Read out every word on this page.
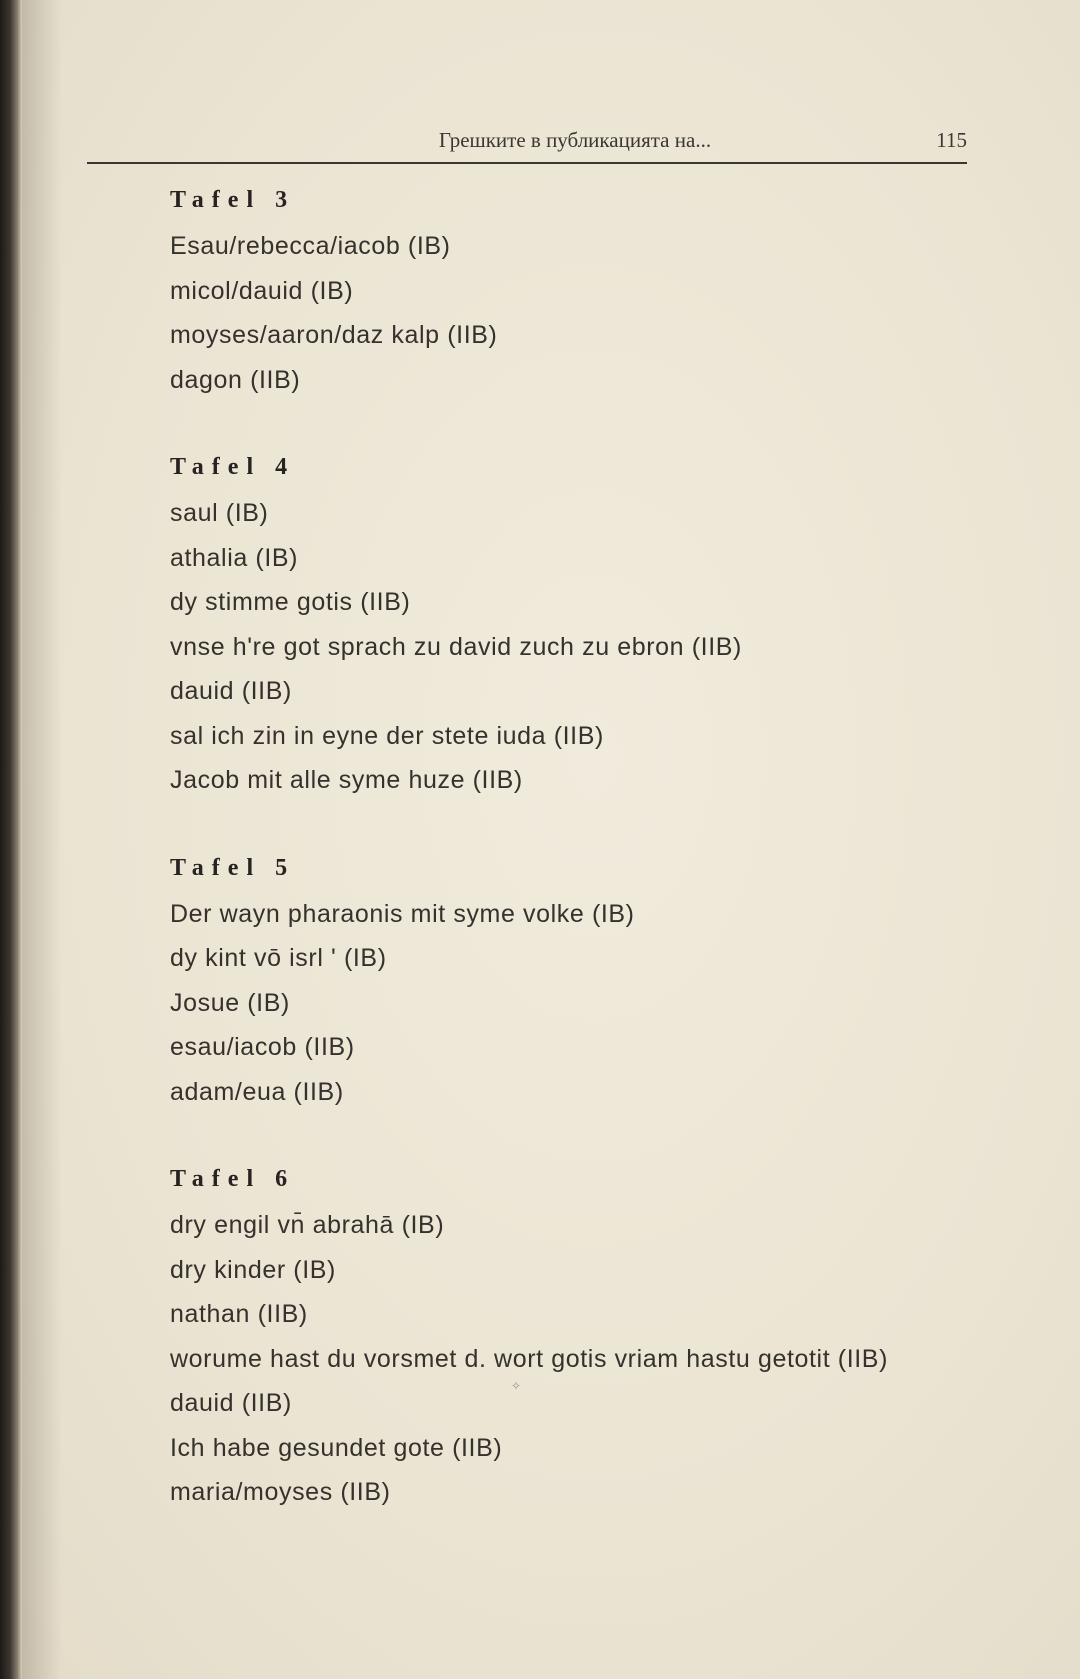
Грешките в публикацията на...	115
Tafel 3
Esau/rebecca/iacob (IB)
micol/dauid (IB)
moyses/aaron/daz kalp (IIB)
dagon (IIB)
Tafel 4
saul (IB)
athalia (IB)
dy stimme gotis (IIB)
vnse h're got sprach zu david zuch zu ebron (IIB)
dauid (IIB)
sal ich zin in eyne der stete iuda (IIB)
Jacob mit alle syme huze (IIB)
Tafel 5
Der wayn pharaonis mit syme volke (IB)
dy kint vō isrl ' (IB)
Josue (IB)
esau/iacob (IIB)
adam/eua (IIB)
Tafel 6
dry engil vn̄ abrahā (IB)
dry kinder (IB)
nathan (IIB)
worume hast du vorsmet d. wort gotis vriam hastu getotit (IIB)
dauid (IIB)
Ich habe gesundet gote (IIB)
maria/moyses (IIB)
✧
